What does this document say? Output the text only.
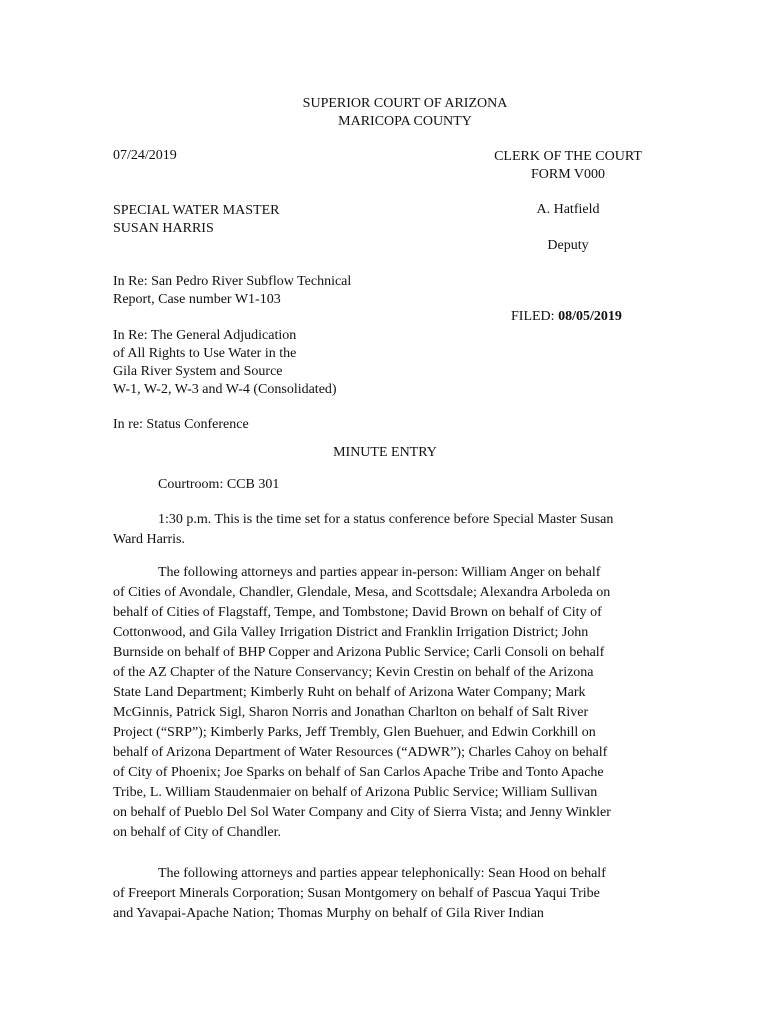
SUPERIOR COURT OF ARIZONA
MARICOPA COUNTY
07/24/2019	CLERK OF THE COURT
FORM V000
A. Hatfield
Deputy
FILED: 08/05/2019
SPECIAL WATER MASTER
SUSAN HARRIS
In Re: San Pedro River Subflow Technical
Report, Case number W1-103
In Re: The General Adjudication
of All Rights to Use Water in the
Gila River System and Source
W-1, W-2, W-3 and W-4 (Consolidated)
In re: Status Conference
MINUTE ENTRY
Courtroom: CCB 301
1:30 p.m. This is the time set for a status conference before Special Master Susan
Ward Harris.
The following attorneys and parties appear in-person: William Anger on behalf
of Cities of Avondale, Chandler, Glendale, Mesa, and Scottsdale; Alexandra Arboleda on
behalf of Cities of Flagstaff, Tempe, and Tombstone; David Brown on behalf of City of
Cottonwood, and Gila Valley Irrigation District and Franklin Irrigation District; John
Burnside on behalf of BHP Copper and Arizona Public Service; Carli Consoli on behalf
of the AZ Chapter of the Nature Conservancy; Kevin Crestin on behalf of the Arizona
State Land Department; Kimberly Ruht on behalf of Arizona Water Company; Mark
McGinnis, Patrick Sigl, Sharon Norris and Jonathan Charlton on behalf of Salt River
Project (“SRP”); Kimberly Parks, Jeff Trembly, Glen Buehuer, and Edwin Corkhill on
behalf of Arizona Department of Water Resources (“ADWR”); Charles Cahoy on behalf
of City of Phoenix; Joe Sparks on behalf of San Carlos Apache Tribe and Tonto Apache
Tribe, L. William Staudenmaier on behalf of Arizona Public Service; William Sullivan
on behalf of Pueblo Del Sol Water Company and City of Sierra Vista; and Jenny Winkler
on behalf of City of Chandler.
The following attorneys and parties appear telephonically: Sean Hood on behalf
of Freeport Minerals Corporation; Susan Montgomery on behalf of Pascua Yaqui Tribe
and Yavapai-Apache Nation; Thomas Murphy on behalf of Gila River Indian
